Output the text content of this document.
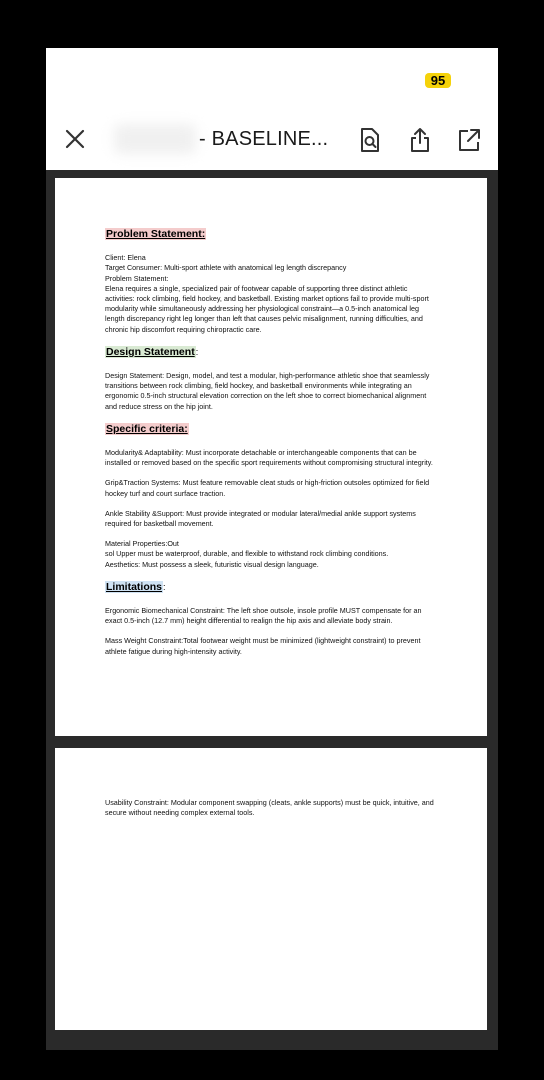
95
- BASELINE...
Problem Statement:

Client: Elena

Target Consumer: Multi-sport athlete with anatomical leg length discrepancy

Problem Statement:

Elena requires a single, specialized pair of footwear capable of supporting three distinct athletic activities: rock climbing, field hockey, and basketball. Existing market options fail to provide multi-sport modularity while simultaneously addressing her physiological constraint—a 0.5-inch anatomical leg length discrepancy right leg longer than left that causes pelvic misalignment, running difficulties, and chronic hip discomfort requiring chiropractic care.

Design Statement:

Design Statement: Design, model, and test a modular, high-performance athletic shoe that seamlessly transitions between rock climbing, field hockey, and basketball environments while integrating an ergonomic 0.5-inch structural elevation correction on the left shoe to correct biomechanical alignment and reduce stress on the hip joint.

Specific criteria:

Modularity& Adaptability: Must incorporate detachable or interchangeable components that can be installed or removed based on the specific sport requirements without compromising structural integrity.

Grip&Traction Systems: Must feature removable cleat studs or high-friction outsoles optimized for field hockey turf and court surface traction.

Ankle Stability &Support: Must provide integrated or modular lateral/medial ankle support systems required for basketball movement.

Material Properties:Out

sol Upper must be waterproof, durable, and flexible to withstand rock climbing conditions.

Aesthetics: Must possess a sleek, futuristic visual design language.

Limitations:

Ergonomic Biomechanical Constraint: The left shoe outsole, insole profile MUST compensate for an exact 0.5-inch (12.7 mm) height differential to realign the hip axis and alleviate body strain.

Mass Weight Constraint:Total footwear weight must be minimized (lightweight constraint) to prevent athlete fatigue during high-intensity activity.

Usability Constraint: Modular component swapping (cleats, ankle supports) must be quick, intuitive, and secure without needing complex external tools.
